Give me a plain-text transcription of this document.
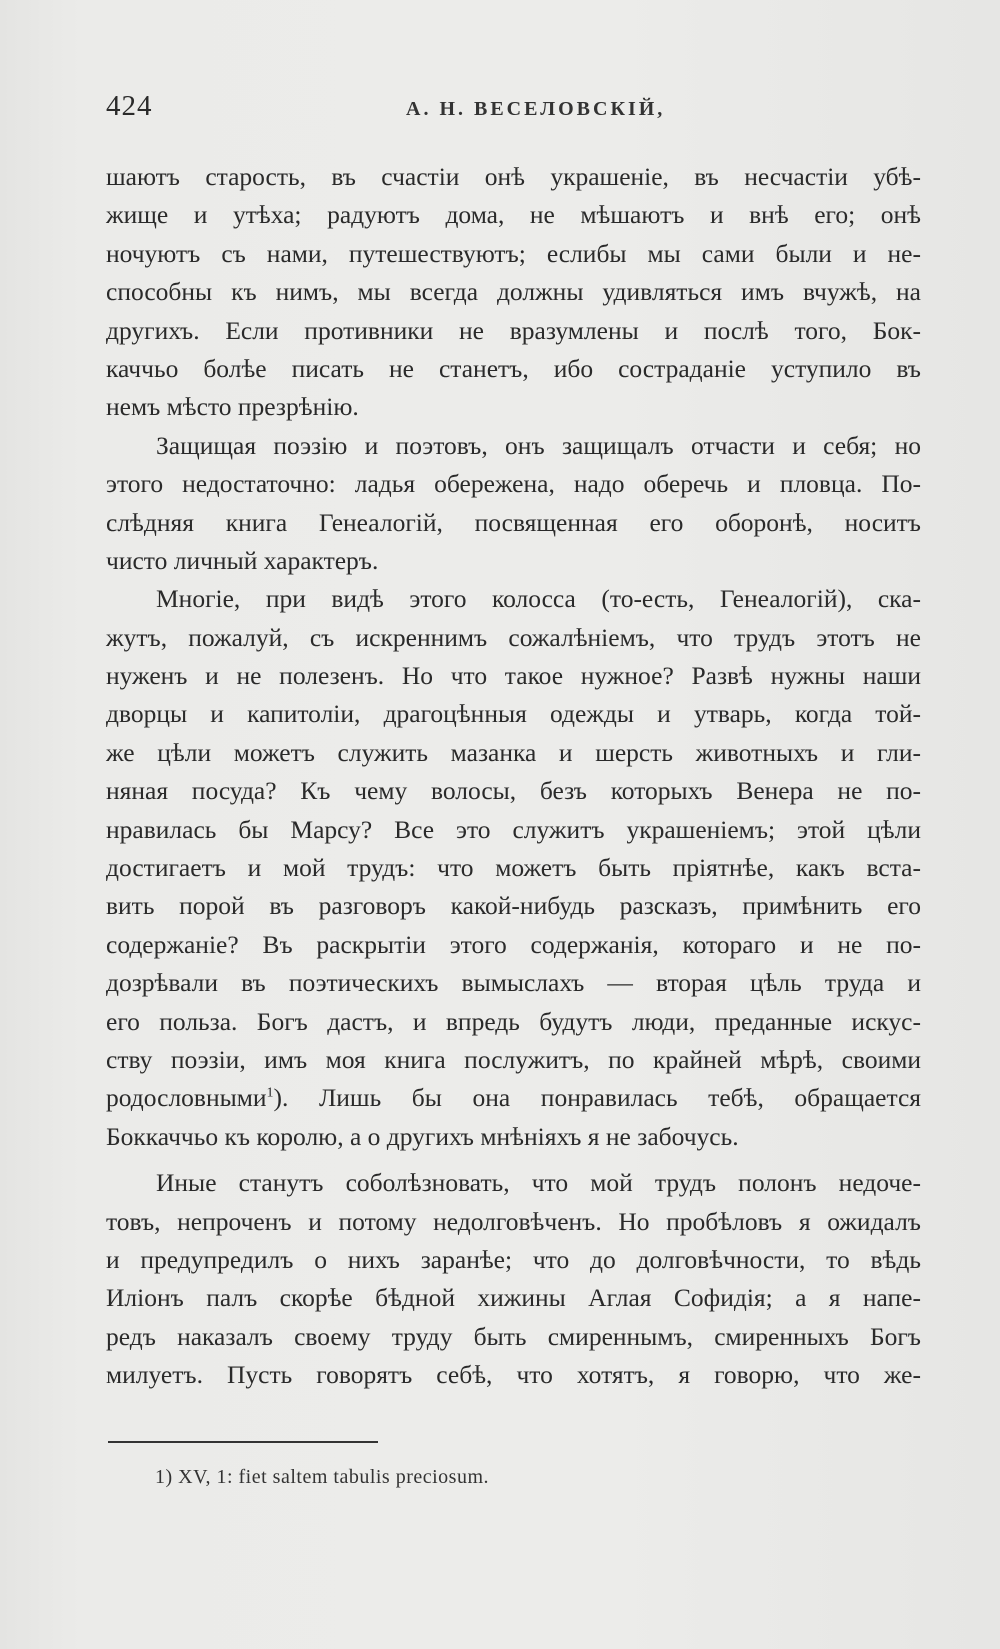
424	А. Н. ВЕСЕЛОВСКІЙ,
шаютъ старость, въ счастіи онѣ украшеніе, въ несчастіи убѣ-
жище и утѣха; радуютъ дома, не мѣшаютъ и внѣ его; онѣ
ночуютъ съ нами, путешествуютъ; еслибы мы сами были и не-
способны къ нимъ, мы всегда должны удивляться имъ вчужѣ, на
другихъ. Если противники не вразумлены и послѣ того, Бок-
каччьо болѣе писать не станетъ, ибо состраданіе уступило въ
немъ мѣсто презрѣнію.
Защищая поэзію и поэтовъ, онъ защищалъ отчасти и себя; но
этого недостаточно: ладья обережена, надо оберечь и пловца. По-
слѣдняя книга Генеалогій, посвященная его оборонѣ, носитъ
чисто личный характеръ.
Многіе, при видѣ этого колосса (то-есть, Генеалогій), ска-
жутъ, пожалуй, съ искреннимъ сожалѣніемъ, что трудъ этотъ не
нуженъ и не полезенъ. Но что такое нужное? Развѣ нужны наши
дворцы и капитоліи, драгоцѣнныя одежды и утварь, когда той-
же цѣли можетъ служить мазанка и шерсть животныхъ и гли-
няная посуда? Къ чему волосы, безъ которыхъ Венера не по-
нравилась бы Марсу? Все это служитъ украшеніемъ; этой цѣли
достигаетъ и мой трудъ: что можетъ быть пріятнѣе, какъ вста-
вить порой въ разговоръ какой-нибудь разсказъ, примѣнить его
содержаніе? Въ раскрытіи этого содержанія, котораго и не по-
дозрѣвали въ поэтическихъ вымыслахъ — вторая цѣль труда и
его польза. Богъ дастъ, и впредь будутъ люди, преданные искус-
ству поэзіи, имъ моя книга послужитъ, по крайней мѣрѣ, своими
родословными$^1$). Лишь бы она понравилась тебѣ, обращается
Боккаччьо къ королю, а о другихъ мнѣніяхъ я не забочусь.
Иные станутъ соболѣзновать, что мой трудъ полонъ недоче-
товъ, непроченъ и потому недолговѣченъ. Но пробѣловъ я ожидалъ
и предупредилъ о нихъ заранѣе; что до долговѣчности, то вѣдь
Иліонъ палъ скорѣе бѣдной хижины Аглая Софидія; а я напе-
редъ наказалъ своему труду быть смиреннымъ, смиренныхъ Богъ
милуетъ. Пусть говорятъ себѣ, что хотятъ, я говорю, что же-
1) XV, 1: fiet saltem tabulis preciosum.
